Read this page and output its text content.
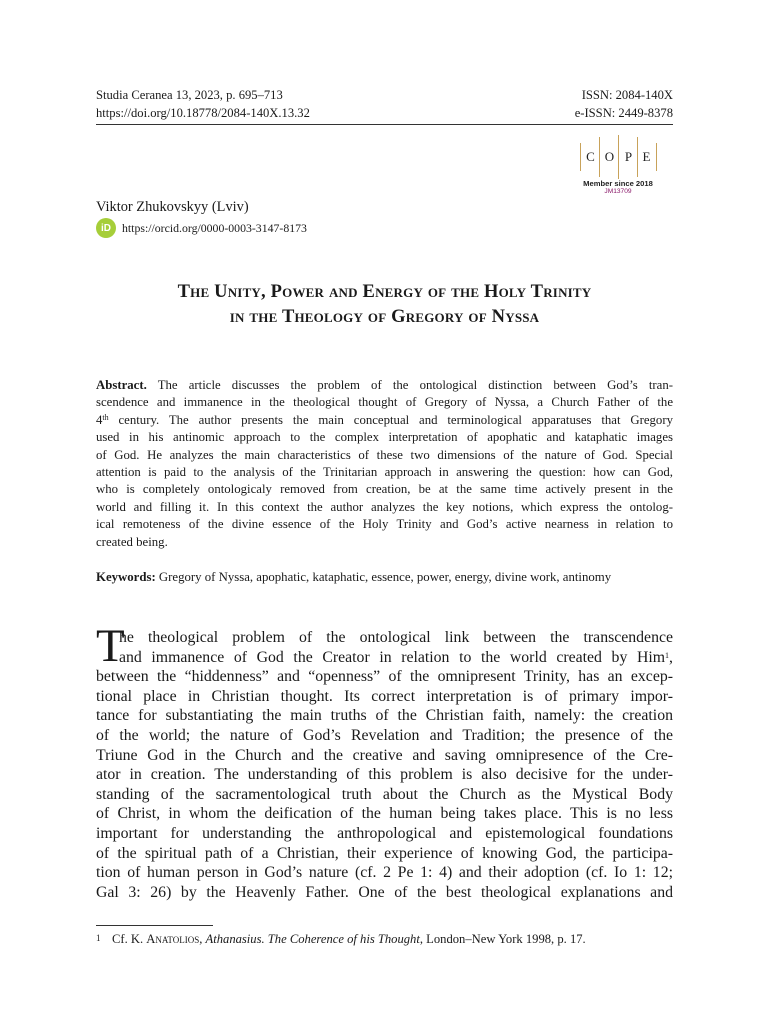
Studia Ceranea 13, 2023, p. 695–713
https://doi.org/10.18778/2084-140X.13.32
ISSN: 2084-140X
e-ISSN: 2449-8378
C O P E
Member since 2018
JM13709
Viktor Zhukovskyy (Lviv)
iD https://orcid.org/0000-0003-3147-8173
The Unity, Power and Energy of the Holy Trinity
in the Theology of Gregory of Nyssa
Abstract. The article discusses the problem of the ontological distinction between God’s tran-
scendence and immanence in the theological thought of Gregory of Nyssa, a Church Father of the
4th century. The author presents the main conceptual and terminological apparatuses that Gregory
used in his antinomic approach to the complex interpretation of apophatic and kataphatic images
of God. He analyzes the main characteristics of these two dimensions of the nature of God. Special
attention is paid to the analysis of the Trinitarian approach in answering the question: how can God,
who is completely ontologicaly removed from creation, be at the same time actively present in the
world and filling it. In this context the author analyzes the key notions, which express the ontolog-
ical remoteness of the divine essence of the Holy Trinity and God’s active nearness in relation to
created being.
Keywords: Gregory of Nyssa, apophatic, kataphatic, essence, power, energy, divine work, antinomy
T
he theological problem of the ontological link between the transcendence
and immanence of God the Creator in relation to the world created by Him$^1$,
between the “hiddenness” and “openness” of the omnipresent Trinity, has an excep-
tional place in Christian thought. Its correct interpretation is of primary impor-
tance for substantiating the main truths of the Christian faith, namely: the creation
of the world; the nature of God’s Revelation and Tradition; the presence of the
Triune God in the Church and the creative and saving omnipresence of the Cre-
ator in creation. The understanding of this problem is also decisive for the under-
standing of the sacramentological truth about the Church as the Mystical Body
of Christ, in whom the deification of the human being takes place. This is no less
important for understanding the anthropological and epistemological foundations
of the spiritual path of a Christian, their experience of knowing God, the participa-
tion of human person in God’s nature (cf. 2 Pe 1: 4) and their adoption (cf. Io 1: 12;
Gal 3: 26) by the Heavenly Father. One of the best theological explanations and
1 Cf. K. Anatolios, Athanasius. The Coherence of his Thought, London–New York 1998, p. 17.
